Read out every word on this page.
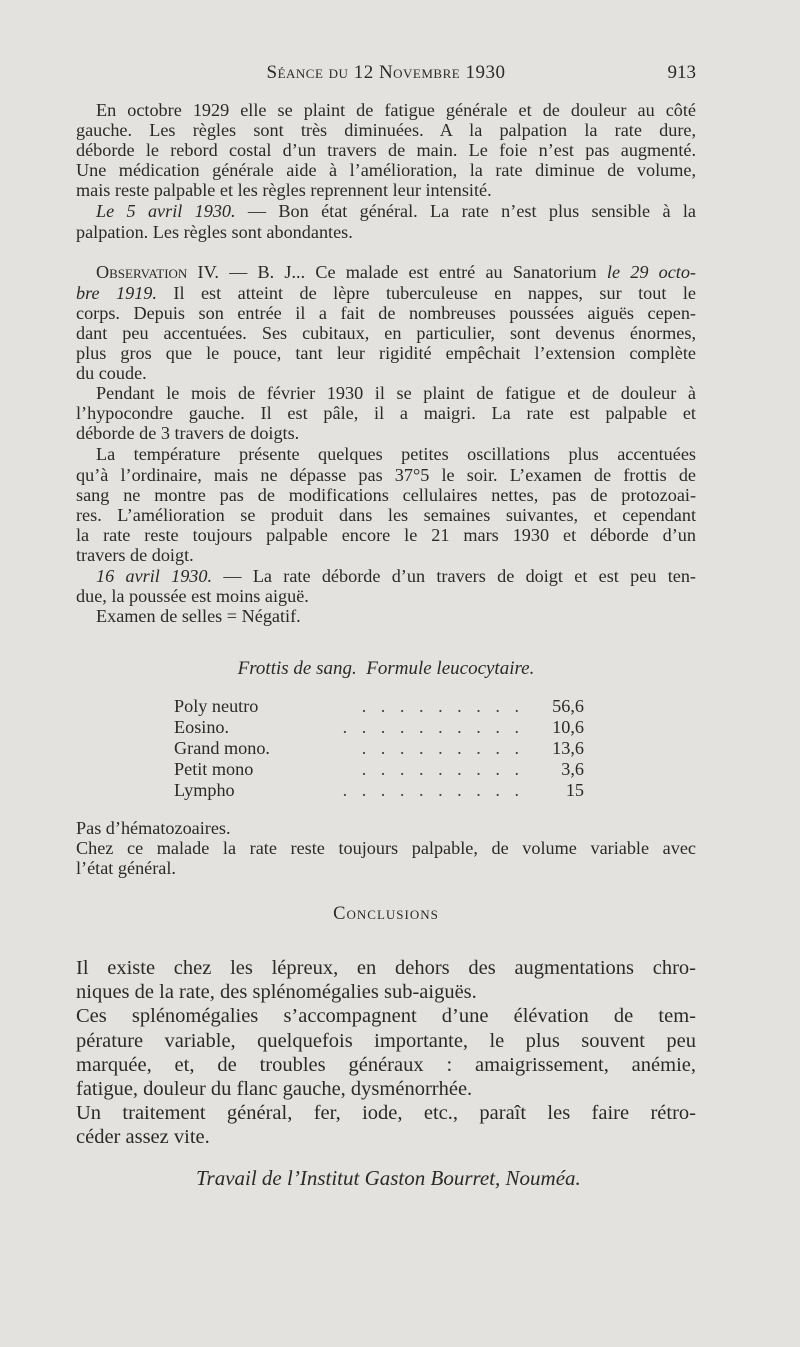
Séance du 12 Novembre 1930	913
En octobre 1929 elle se plaint de fatigue générale et de douleur au côté
gauche. Les règles sont très diminuées. A la palpation la rate dure,
déborde le rebord costal d’un travers de main. Le foie n’est pas augmenté.
Une médication générale aide à l’amélioration, la rate diminue de volume,
mais reste palpable et les règles reprennent leur intensité.
Le 5 avril 1930. — Bon état général. La rate n’est plus sensible à la
palpation. Les règles sont abondantes.
Observation IV. — B. J... Ce malade est entré au Sanatorium le 29 octo-
bre 1919. Il est atteint de lèpre tuberculeuse en nappes, sur tout le
corps. Depuis son entrée il a fait de nombreuses poussées aiguës cepen-
dant peu accentuées. Ses cubitaux, en particulier, sont devenus énormes,
plus gros que le pouce, tant leur rigidité empêchait l’extension complète
du coude.
Pendant le mois de février 1930 il se plaint de fatigue et de douleur à
l’hypocondre gauche. Il est pâle, il a maigri. La rate est palpable et
déborde de 3 travers de doigts.
La température présente quelques petites oscillations plus accentuées
qu’à l’ordinaire, mais ne dépasse pas 37°5 le soir. L’examen de frottis de
sang ne montre pas de modifications cellulaires nettes, pas de protozoai-
res. L’amélioration se produit dans les semaines suivantes, et cependant
la rate reste toujours palpable encore le 21 mars 1930 et déborde d’un
travers de doigt.
16 avril 1930. — La rate déborde d’un travers de doigt et est peu ten-
due, la poussée est moins aiguë.
Examen de selles = Négatif.
Frottis de sang. Formule leucocytaire.
. . . . . . . . .
Poly neutro	56,6
. . . . . . . . . .
Eosino.	10,6
. . . . . . . . .
Grand mono.	13,6
. . . . . . . . .
Petit mono	3,6
. . . . . . . . . .
Lympho	15
Pas d’hématozoaires.
Chez ce malade la rate reste toujours palpable, de volume variable avec
l’état général.
Conclusions
Il existe chez les lépreux, en dehors des augmentations chro-
niques de la rate, des splénomégalies sub-aiguës.
Ces splénomégalies s’accompagnent d’une élévation de tem-
pérature variable, quelquefois importante, le plus souvent peu
marquée, et, de troubles généraux : amaigrissement, anémie,
fatigue, douleur du flanc gauche, dysménorrhée.
Un traitement général, fer, iode, etc., paraît les faire rétro-
céder assez vite.
Travail de l’Institut Gaston Bourret, Nouméa.
